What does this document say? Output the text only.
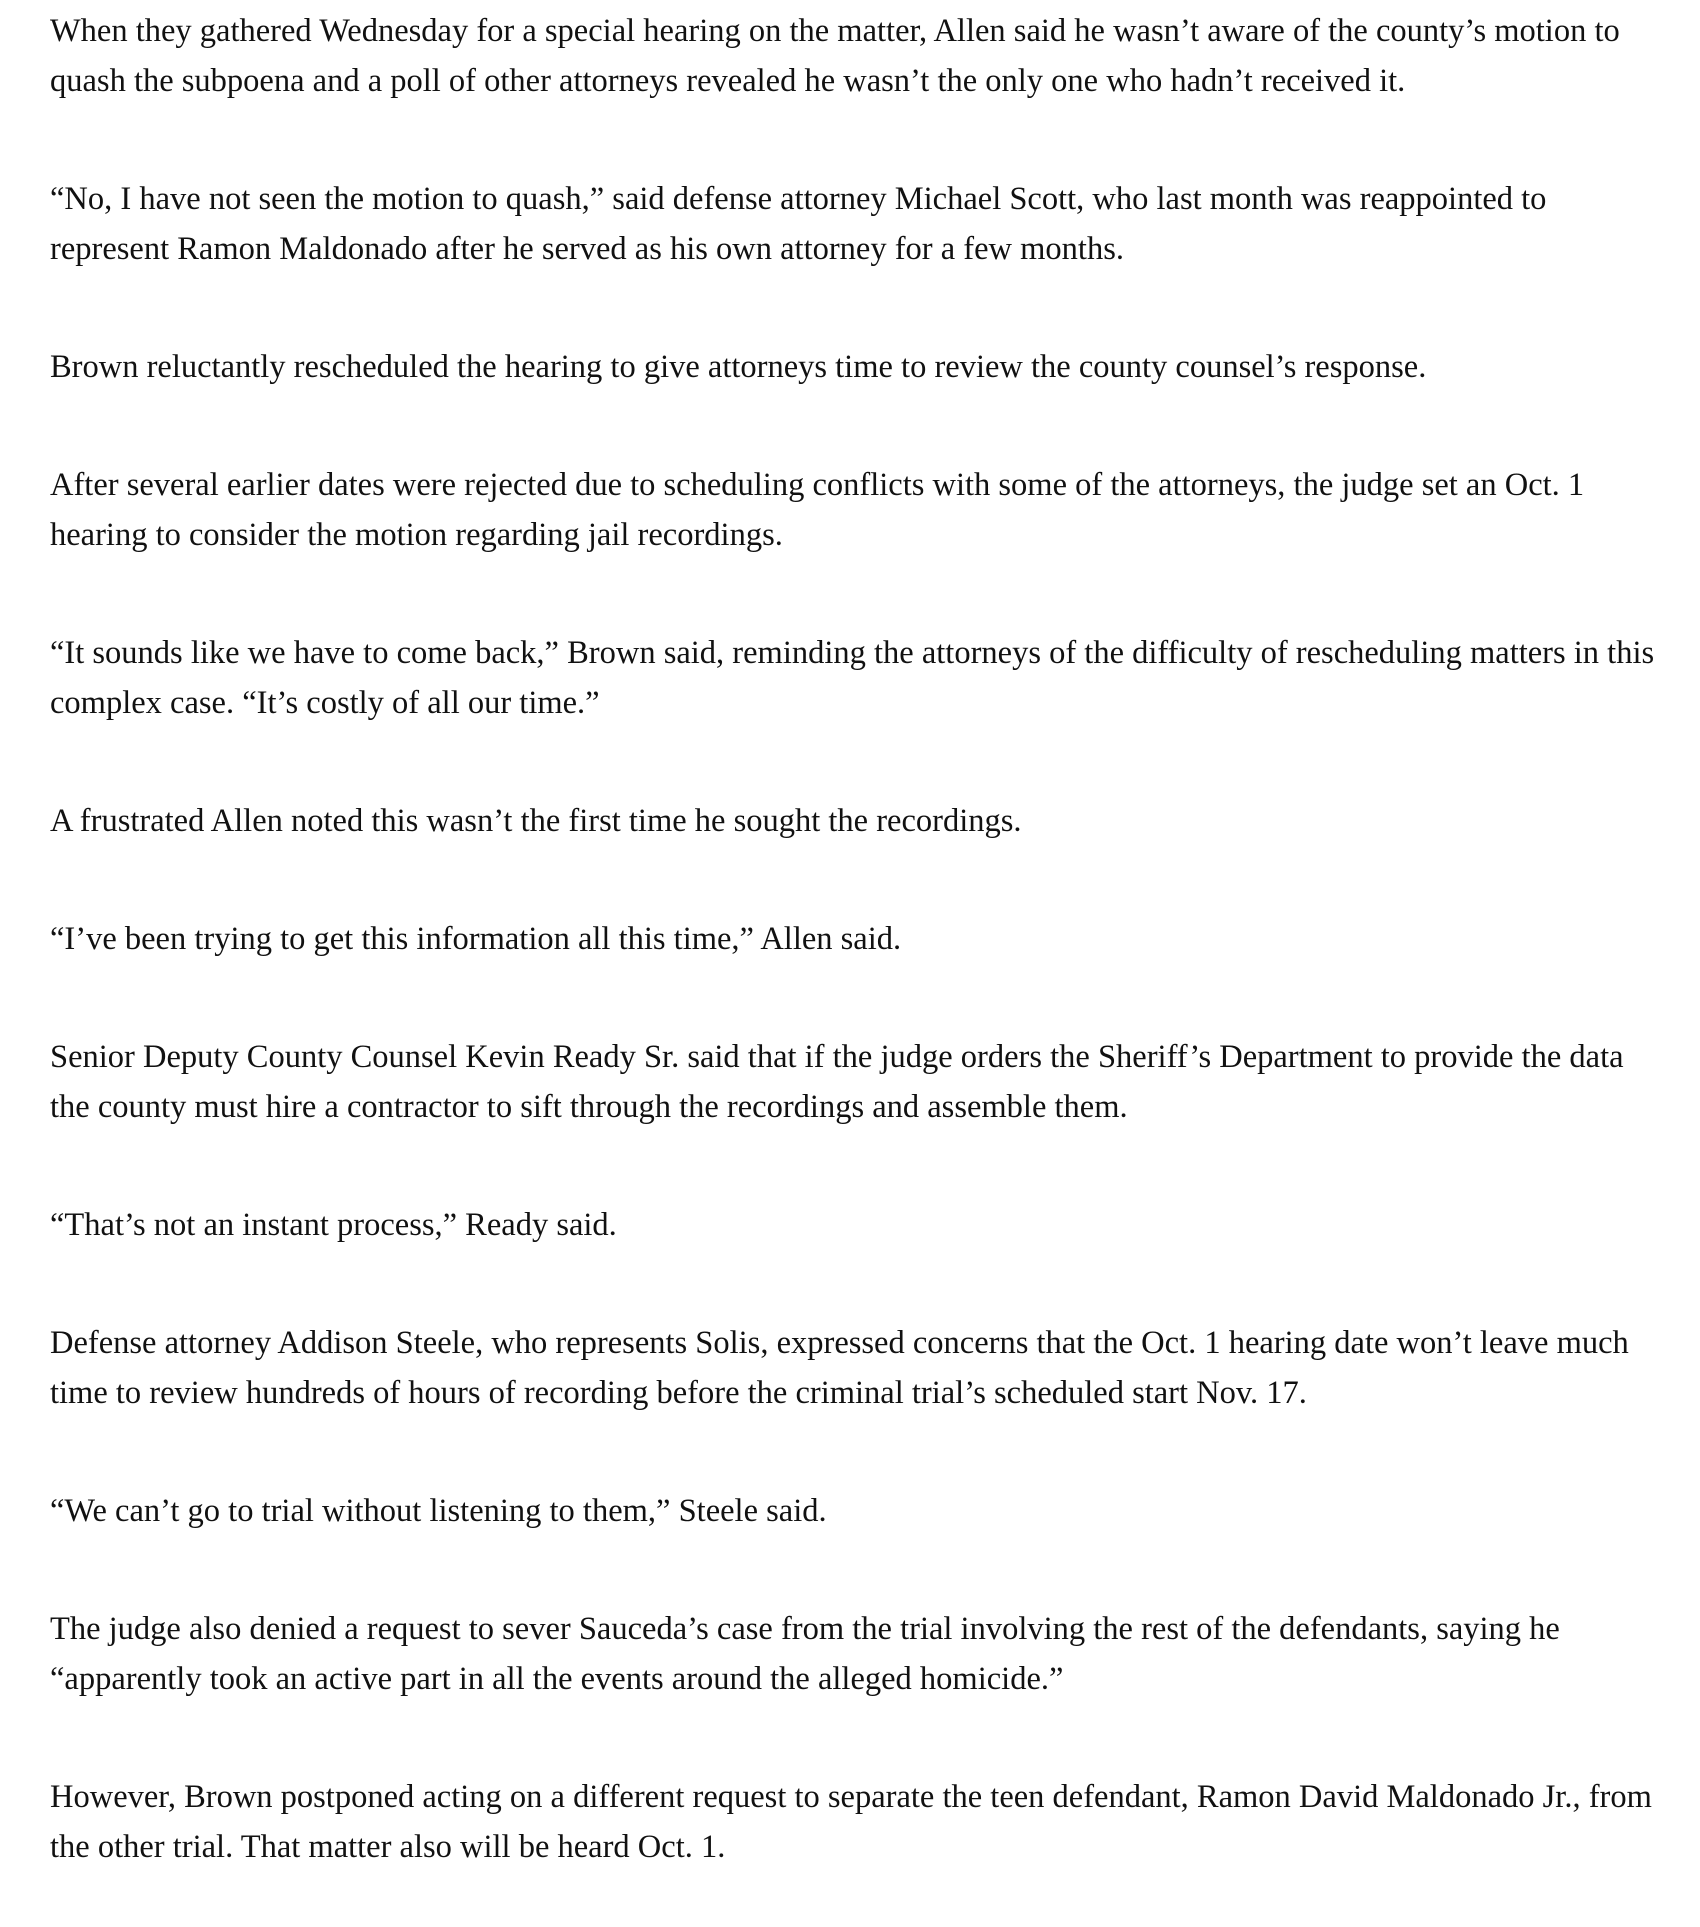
When they gathered Wednesday for a special hearing on the matter, Allen said he wasn’t aware of the county’s motion to quash the subpoena and a poll of other attorneys revealed he wasn’t the only one who hadn’t received it.

“No, I have not seen the motion to quash,” said defense attorney Michael Scott, who last month was reappointed to represent Ramon Maldonado after he served as his own attorney for a few months.

Brown reluctantly rescheduled the hearing to give attorneys time to review the county counsel’s response.

After several earlier dates were rejected due to scheduling conflicts with some of the attorneys, the judge set an Oct. 1 hearing to consider the motion regarding jail recordings.

“It sounds like we have to come back,” Brown said, reminding the attorneys of the difficulty of rescheduling matters in this complex case. “It’s costly of all our time.”

A frustrated Allen noted this wasn’t the first time he sought the recordings.

“I’ve been trying to get this information all this time,” Allen said.

Senior Deputy County Counsel Kevin Ready Sr. said that if the judge orders the Sheriff’s Department to provide the data the county must hire a contractor to sift through the recordings and assemble them.

“That’s not an instant process,” Ready said.

Defense attorney Addison Steele, who represents Solis, expressed concerns that the Oct. 1 hearing date won’t leave much time to review hundreds of hours of recording before the criminal trial’s scheduled start Nov. 17.

“We can’t go to trial without listening to them,” Steele said.

The judge also denied a request to sever Sauceda’s case from the trial involving the rest of the defendants, saying he “apparently took an active part in all the events around the alleged homicide.”

However, Brown postponed acting on a different request to separate the teen defendant, Ramon David Maldonado Jr., from the other trial. That matter also will be heard Oct. 1.
